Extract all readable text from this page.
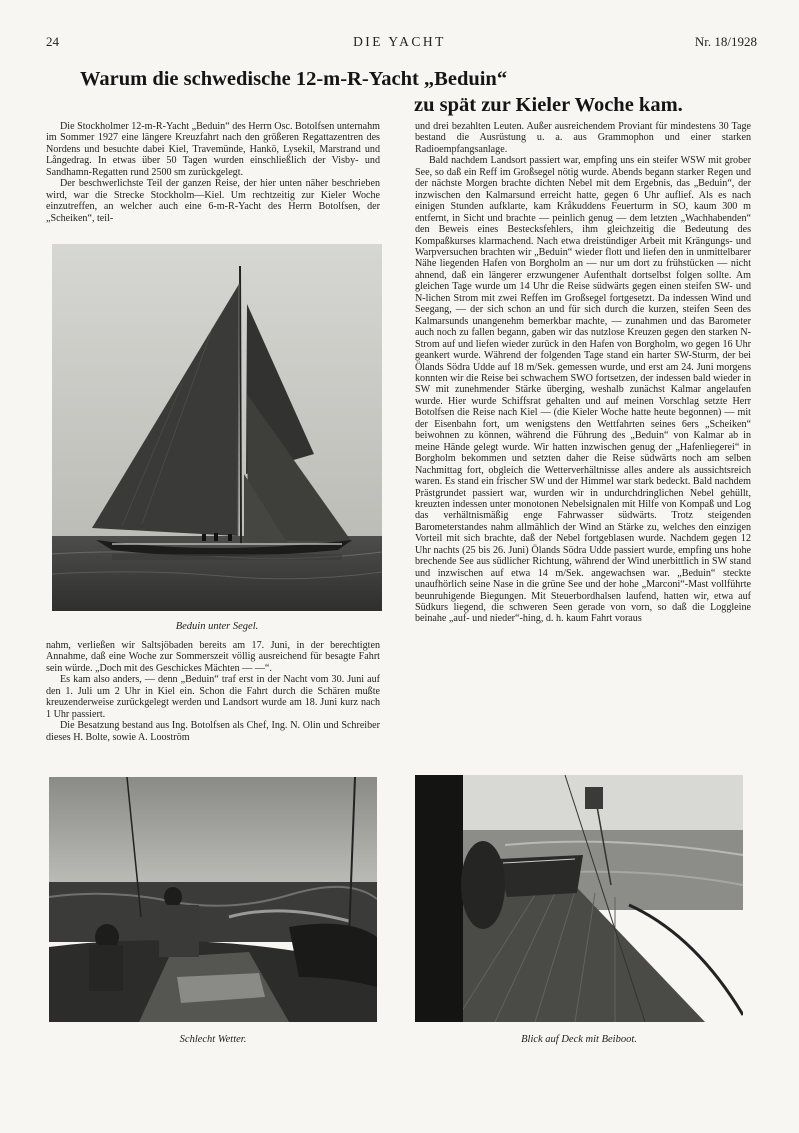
24	DIE YACHT	Nr. 18/1928
Warum die schwedische 12-m-R-Yacht „Beduin“
zu spät zur Kieler Woche kam.

Die Stockholmer 12-m-R-Yacht „Beduin“ des Herrn Osc. Botolfsen unternahm im Sommer 1927 eine längere Kreuzfahrt nach den größeren Regattazentren des Nordens und besuchte dabei Kiel, Travemünde, Hankö, Lysekil, Marstrand und Långedrag. In etwas über 50 Tagen wurden einschließlich der Visby- und Sandhamn-Regatten rund 2500 sm zurückgelegt.

Der beschwerlichste Teil der ganzen Reise, der hier unten näher beschrieben wird, war die Strecke Stockholm—Kiel. Um rechtzeitig zur Kieler Woche einzutreffen, an welcher auch eine 6-m-R-Yacht des Herrn Botolfsen, der „Scheiken“, teil-

Beduin unter Segel.

nahm, verließen wir Saltsjöbaden bereits am 17. Juni, in der berechtigten Annahme, daß eine Woche zur Sommerszeit völlig ausreichend für besagte Fahrt sein würde. „Doch mit des Geschickes Mächten — —“.

Es kam also anders, — denn „Beduin“ traf erst in der Nacht vom 30. Juni auf den 1. Juli um 2 Uhr in Kiel ein. Schon die Fahrt durch die Schären mußte kreuzenderweise zurückgelegt werden und Landsort wurde am 18. Juni kurz nach 1 Uhr passiert.

Die Besatzung bestand aus Ing. Botolfsen als Chef, Ing. N. Olin und Schreiber dieses H. Bolte, sowie A. Looström

und drei bezahlten Leuten. Außer ausreichendem Proviant für mindestens 30 Tage bestand die Ausrüstung u. a. aus Grammophon und einer starken Radioempfangsanlage.

Bald nachdem Landsort passiert war, empfing uns ein steifer WSW mit grober See, so daß ein Reff im Großsegel nötig wurde. Abends begann starker Regen und der nächste Morgen brachte dichten Nebel mit dem Ergebnis, das „Beduin“, der inzwischen den Kalmarsund erreicht hatte, gegen 6 Uhr auflief. Als es nach einigen Stunden aufklarte, kam Kråkuddens Feuerturm in SO, kaum 300 m entfernt, in Sicht und brachte — peinlich genug — dem letzten „Wachhabenden“ den Beweis eines Bestecksfehlers, ihm gleichzeitig die Bedeutung des Kompaßkurses klarmachend. Nach etwa dreistündiger Arbeit mit Krängungs- und Warpversuchen brachten wir „Beduin“ wieder flott und liefen den in unmittelbarer Nähe liegenden Hafen von Borgholm an — nur um dort zu frühstücken — nicht ahnend, daß ein längerer erzwungener Aufenthalt dortselbst folgen sollte. Am gleichen Tage wurde um 14 Uhr die Reise südwärts gegen einen steifen SW- und N-lichen Strom mit zwei Reffen im Großsegel fortgesetzt. Da indessen Wind und Seegang, — der sich schon an und für sich durch die kurzen, steifen Seen des Kalmarsunds unangenehm bemerkbar machte, — zunahmen und das Barometer auch noch zu fallen begann, gaben wir das nutzlose Kreuzen gegen den starken N-Strom auf und liefen wieder zurück in den Hafen von Borgholm, wo gegen 16 Uhr geankert wurde. Während der folgenden Tage stand ein harter SW-Sturm, der bei Ölands Södra Udde auf 18 m/Sek. gemessen wurde, und erst am 24. Juni morgens konnten wir die Reise bei schwachem SWO fortsetzen, der indessen bald wieder in SW mit zunehmender Stärke überging, weshalb zunächst Kalmar angelaufen wurde. Hier wurde Schiffsrat gehalten und auf meinen Vorschlag setzte Herr Botolfsen die Reise nach Kiel — (die Kieler Woche hatte heute begonnen) — mit der Eisenbahn fort, um wenigstens den Wettfahrten seines 6ers „Scheiken“ beiwohnen zu können, während die Führung des „Beduin“ von Kalmar ab in meine Hände gelegt wurde. Wir hatten inzwischen genug der „Hafenliegerei“ in Borgholm bekommen und setzten daher die Reise südwärts noch am selben Nachmittag fort, obgleich die Wetterverhältnisse alles andere als aussichtsreich waren. Es stand ein frischer SW und der Himmel war stark bedeckt. Bald nachdem Prästgrundet passiert war, wurden wir in undurchdringlichen Nebel gehüllt, kreuzten indessen unter monotonen Nebelsignalen mit Hilfe von Kompaß und Log das verhältnismäßig enge Fahrwasser südwärts. Trotz steigenden Barometerstandes nahm allmählich der Wind an Stärke zu, welches den einzigen Vorteil mit sich brachte, daß der Nebel fortgeblasen wurde. Nachdem gegen 12 Uhr nachts (25 bis 26. Juni) Ölands Södra Udde passiert wurde, empfing uns hohe brechende See aus südlicher Richtung, während der Wind unerbittlich in SW stand und inzwischen auf etwa 14 m/Sek. angewachsen war. „Beduin“ steckte unaufhörlich seine Nase in die grüne See und der hohe „Marconi“-Mast vollführte beunruhigende Biegungen. Mit Steuerbordhalsen laufend, hatten wir, etwa auf Südkurs liegend, die schweren Seen gerade von vorn, so daß die Loggleine beinahe „auf- und nieder“-hing, d. h. kaum Fahrt voraus

Schlecht Wetter.	Blick auf Deck mit Beiboot.
